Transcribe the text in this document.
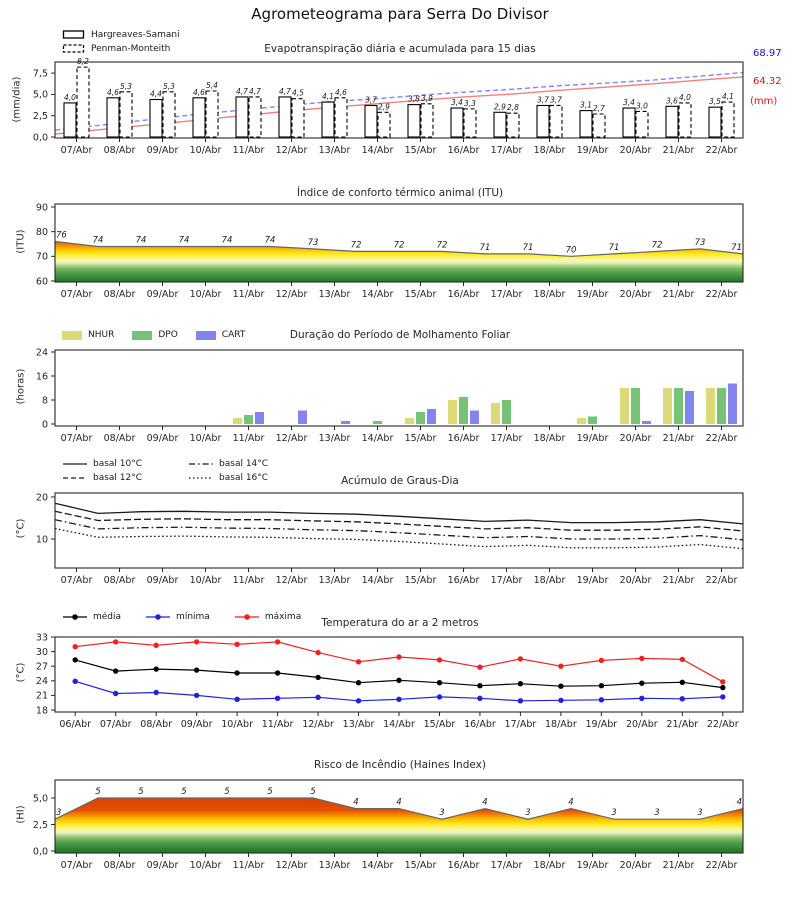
Agrometeograma para Serra Do Divisor
Evapotranspiração diária e acumulada para 15 dias
Hargreaves-Samani
Penman-Monteith	68.97
64.32
(mm)
(mm/dia)
Índice de conforto térmico animal (ITU)
(ITU)
Duração do Período de Molhamento Foliar
NHUR	DPO	CART
(horas)
Acúmulo de Graus-Dia
basal 10°C
basal 12°C
basal 14°C
basal 16°C
(°C)
Temperatura do ar a 2 metros
média	mínima	máxima
(°C)
Risco de Incêndio (Haines Index)
(HI)
4,0
8,2
4,6
5,3
4,4
5,3
4,6
5,4
4,7 4,7 4,7 4,5 4,1 4,6
3,7
2,9
3,8 3,9 3,4 3,3 2,9 2,8
3,7 3,7
3,1 2,7
3,4 3,0
3,6 4,0 3,5
4,1
0,0
2,5
5,0
7,5
07/Abr 08/Abr 09/Abr 10/Abr 11/Abr 12/Abr 13/Abr 14/Abr 15/Abr 16/Abr 17/Abr 18/Abr 19/Abr 20/Abr 21/Abr 22/Abr
76	74	74	74	74	74	73	72	72	72	71	71	70	71	72	73	71
60
70
80
90
07/Abr 08/Abr 09/Abr 10/Abr 11/Abr 12/Abr 13/Abr 14/Abr 15/Abr 16/Abr 17/Abr 18/Abr 19/Abr 20/Abr 21/Abr 22/Abr
0
8
16
24
07/Abr 08/Abr 09/Abr 10/Abr 11/Abr 12/Abr 13/Abr 14/Abr 15/Abr 16/Abr 17/Abr 18/Abr 19/Abr 20/Abr 21/Abr 22/Abr
10
20
07/Abr 08/Abr 09/Abr 10/Abr 11/Abr 12/Abr 13/Abr 14/Abr 15/Abr 16/Abr 17/Abr 18/Abr 19/Abr 20/Abr 21/Abr 22/Abr
18
21
24
27
30
33
06/Abr 07/Abr 08/Abr 09/Abr 10/Abr 11/Abr 12/Abr 13/Abr 14/Abr 15/Abr 16/Abr 17/Abr 18/Abr 19/Abr 20/Abr 21/Abr 22/Abr
3
5	5	5	5	5	5
4	4
3
4
3
4
3	3	3
4
0,0
2,5
5,0
07/Abr 08/Abr 09/Abr 10/Abr 11/Abr 12/Abr 13/Abr 14/Abr 15/Abr 16/Abr 17/Abr 18/Abr 19/Abr 20/Abr 21/Abr 22/Abr
